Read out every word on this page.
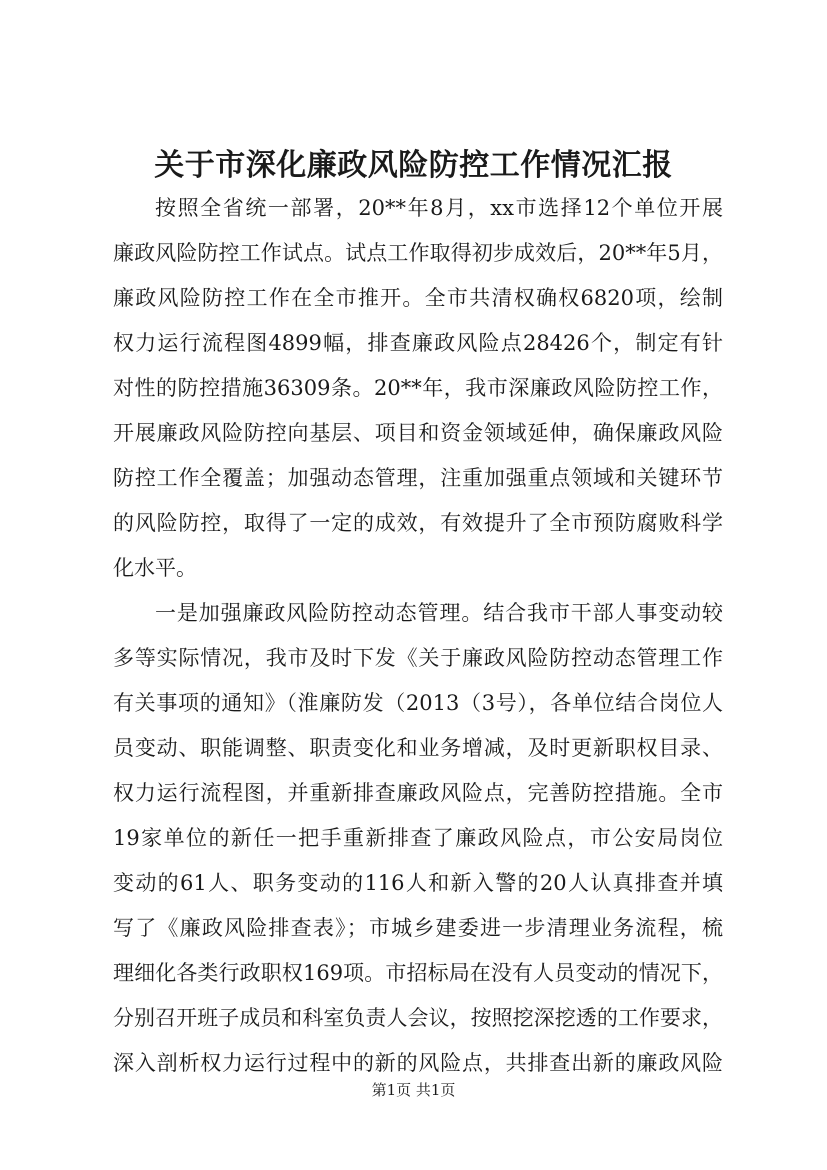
关于市深化廉政风险防控工作情况汇报
按照全省统一部署，20**年8月，xx市选择12个单位开展
廉政风险防控工作试点。试点工作取得初步成效后，20**年5月，
廉政风险防控工作在全市推开。全市共清权确权6820项，绘制
权力运行流程图4899幅，排查廉政风险点28426个，制定有针
对性的防控措施36309条。20**年，我市深廉政风险防控工作，
开展廉政风险防控向基层、项目和资金领域延伸，确保廉政风险
防控工作全覆盖；加强动态管理，注重加强重点领域和关键环节
的风险防控，取得了一定的成效，有效提升了全市预防腐败科学
化水平。
一是加强廉政风险防控动态管理。结合我市干部人事变动较
多等实际情况，我市及时下发《关于廉政风险防控动态管理工作
有关事项的通知》（淮廉防发（2013（3号），各单位结合岗位人
员变动、职能调整、职责变化和业务增减，及时更新职权目录、
权力运行流程图，并重新排查廉政风险点，完善防控措施。全市
19家单位的新任一把手重新排查了廉政风险点，市公安局岗位
变动的61人、职务变动的116人和新入警的20人认真排查并填
写了《廉政风险排查表》；市城乡建委进一步清理业务流程，梳
理细化各类行政职权169项。市招标局在没有人员变动的情况下，
分别召开班子成员和科室负责人会议，按照挖深挖透的工作要求，
深入剖析权力运行过程中的新的风险点，共排查出新的廉政风险
第1页 共1页
